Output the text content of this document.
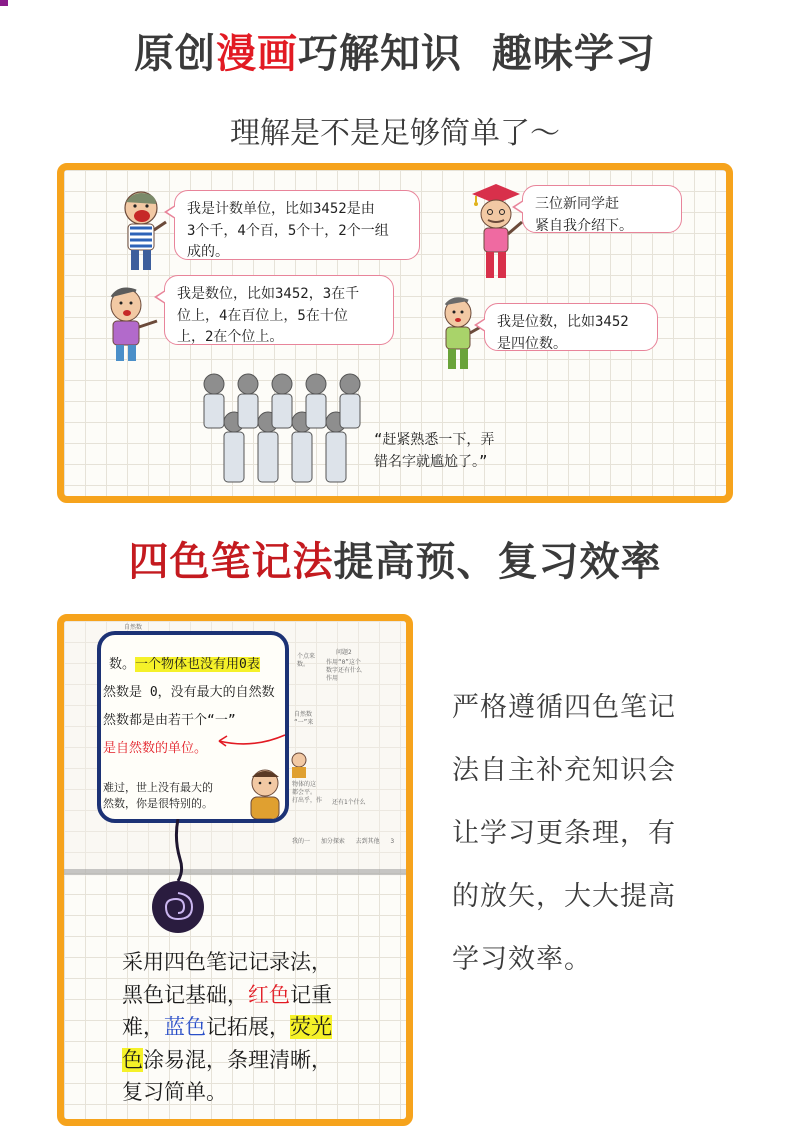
原创漫画巧解知识  趣味学习
理解是不是足够简单了～
我是计数单位，比如3452是由
3个千，4个百，5个十，2个一组
成的。
我是数位，比如3452，3在千
位上，4在百位上，5在十位
上，2在个位上。
三位新同学赶
紧自我介绍下。
我是位数，比如3452
是四位数。
“赶紧熟悉一下，弄
错名字就尴尬了。”
四色笔记法提高预、复习效率
自然数
问题2
作用“0”这个
数字还有什么
作用
个点来
数。
自然数
“一”来
物体的这
都会平。
打出乎，作 还有1个什么
我的一   加分探索   去到其他   3
数。一个物体也没有用0表
然数是 0，没有最大的自然数
然数都是由若干个“一”
是自然数的单位。
难过，世上没有最大的
然数，你是很特别的。
采用四色笔记记录法，
黑色记基础，红色记重
难，蓝色记拓展，荧光
色涂易混，条理清晰，
复习简单。
严格遵循四色笔记
法自主补充知识会
让学习更条理，有
的放矢，大大提高
学习效率。
